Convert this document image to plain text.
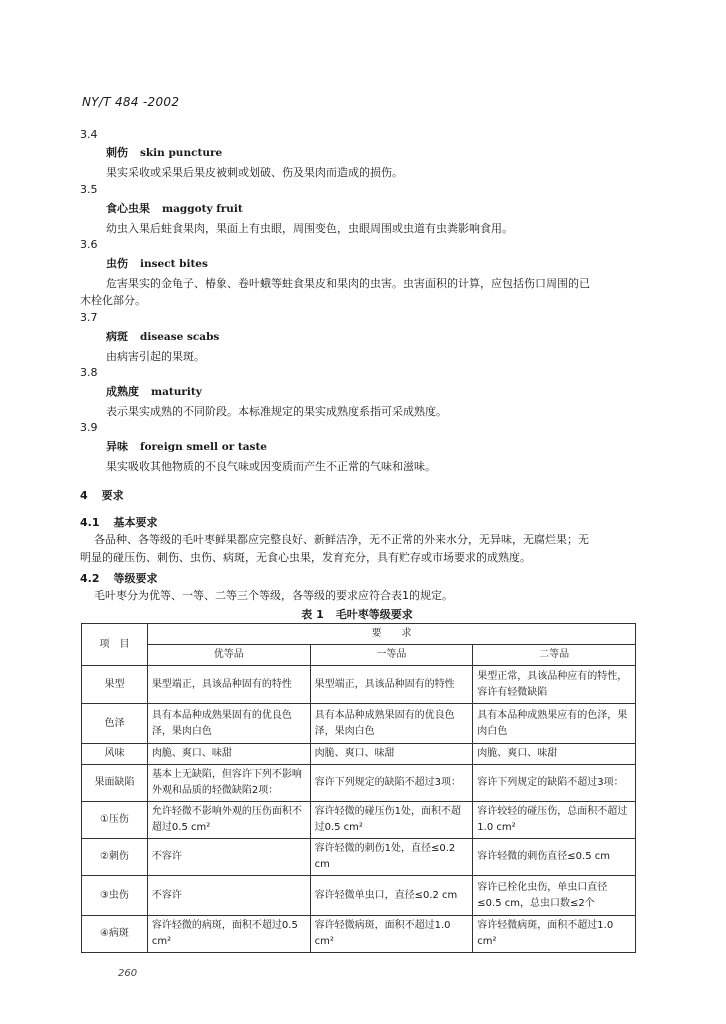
NY/T 484 -2002
3.4
刺伤 skin puncture
果实采收或采果后果皮被刺或划破、伤及果肉而造成的损伤。
3.5
食心虫果 maggoty fruit
幼虫入果后蛀食果肉，果面上有虫眼，周围变色，虫眼周围或虫道有虫粪影响食用。
3.6
虫伤 insect bites
危害果实的金龟子、椿象、卷叶蛾等蛀食果皮和果肉的虫害。虫害面积的计算，应包括伤口周围的已
木栓化部分。
3.7
病斑 disease scabs
由病害引起的果斑。
3.8
成熟度 maturity
表示果实成熟的不同阶段。本标准规定的果实成熟度系指可采成熟度。
3.9
异味 foreign smell or taste
果实吸收其他物质的不良气味或因变质而产生不正常的气味和滋味。
4 要求
4.1 基本要求
各品种、各等级的毛叶枣鲜果都应完整良好、新鲜洁净，无不正常的外来水分，无异味，无腐烂果；无
明显的碰压伤、刺伤、虫伤、病斑，无食心虫果，发育充分，具有贮存或市场要求的成熟度。
4.2 等级要求
毛叶枣分为优等、一等、二等三个等级，各等级的要求应符合表1的规定。
表 1 毛叶枣等级要求
项　目	要　　求		
	优等品	一等品	二等品
果型	果型端正，具该品种固有的特性	果型端正，具该品种固有的特性	果型正常，具该品种应有的特性，容许有轻微缺陷
色泽	具有本品种成熟果固有的优良色泽，果肉白色	具有本品种成熟果固有的优良色泽，果肉白色	具有本品种成熟果应有的色泽，果肉白色
风味	肉脆、爽口、味甜	肉脆、爽口、味甜	肉脆、爽口、味甜
果面缺陷	基本上无缺陷，但容许下列不影响外观和品质的轻微缺陷2项：	容许下列规定的缺陷不超过3项：	容许下列规定的缺陷不超过3项：
①压伤	允许轻微不影响外观的压伤面积不超过0.5 cm²	容许轻微的碰压伤1处，面积不超过0.5 cm²	容许较轻的碰压伤，总面积不超过1.0 cm²
②刺伤	不容许	容许轻微的刺伤1处，直径≤0.2 cm	容许轻微的刺伤直径≤0.5 cm
③虫伤	不容许	容许轻微单虫口，直径≤0.2 cm	容许已栓化虫伤，单虫口直径≤0.5 cm，总虫口数≤2个
④病斑	容许轻微的病斑，面积不超过0.5 cm²	容许轻微病斑，面积不超过1.0 cm²	容许轻微病斑，面积不超过1.0 cm²
260
